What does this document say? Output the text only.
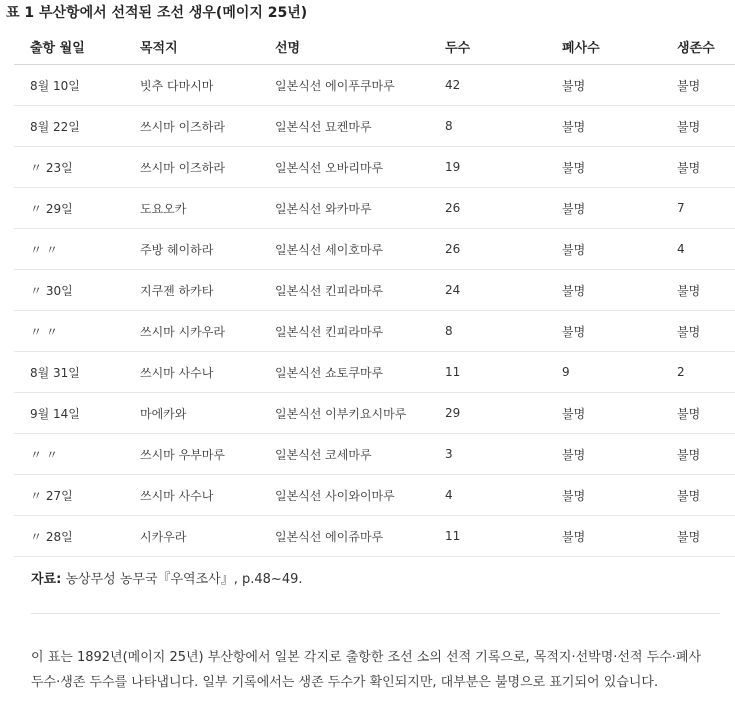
표 1 부산항에서 선적된 조선 생우(메이지 25년)
출항 월일	목적지	선명	두수	폐사수	생존수
8월 10일	빗추 다마시마	일본식선 에이푸쿠마루	42	불명	불명
8월 22일	쓰시마 이즈하라	일본식선 묘켄마루	8	불명	불명
〃 23일	쓰시마 이즈하라	일본식선 오바리마루	19	불명	불명
〃 29일	도요오카	일본식선 와카마루	26	불명	7
〃 〃	주방 헤이하라	일본식선 세이호마루	26	불명	4
〃 30일	지쿠젠 하카타	일본식선 킨피라마루	24	불명	불명
〃 〃	쓰시마 시카우라	일본식선 킨피라마루	8	불명	불명
8월 31일	쓰시마 사수나	일본식선 쇼토쿠마루	11	9	2
9월 14일	마에카와	일본식선 이부키요시마루	29	불명	불명
〃 〃	쓰시마 우부마루	일본식선 코세마루	3	불명	불명
〃 27일	쓰시마 사수나	일본식선 사이와이마루	4	불명	불명
〃 28일	시카우라	일본식선 에이쥬마루	11	불명	불명
자료: 농상무성 농무국『우역조사』, p.48~49.
이 표는 1892년(메이지 25년) 부산항에서 일본 각지로 출항한 조선 소의 선적 기록으로, 목적지·선박명·선적 두수·폐사 두수·생존 두수를 나타냅니다. 일부 기록에서는 생존 두수가 확인되지만, 대부분은 불명으로 표기되어 있습니다.
